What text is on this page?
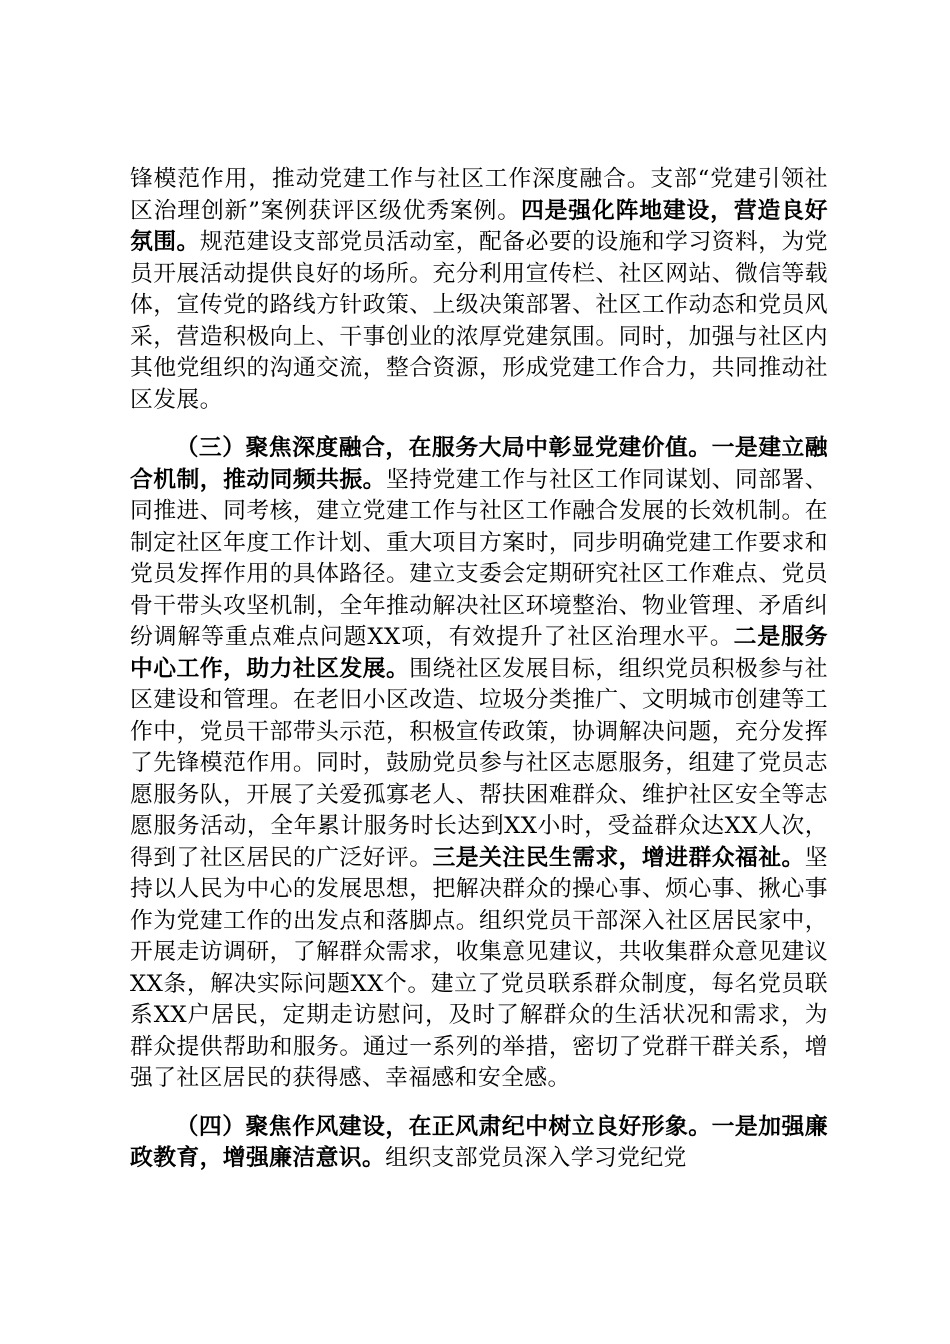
锋模范作用，推动党建工作与社区工作深度融合。支部“党建引领社区治理创新”案例获评区级优秀案例。四是强化阵地建设，营造良好氛围。规范建设支部党员活动室，配备必要的设施和学习资料，为党员开展活动提供良好的场所。充分利用宣传栏、社区网站、微信等载体，宣传党的路线方针政策、上级决策部署、社区工作动态和党员风采，营造积极向上、干事创业的浓厚党建氛围。同时，加强与社区内其他党组织的沟通交流，整合资源，形成党建工作合力，共同推动社区发展。

（三）聚焦深度融合，在服务大局中彰显党建价值。一是建立融合机制，推动同频共振。坚持党建工作与社区工作同谋划、同部署、同推进、同考核，建立党建工作与社区工作融合发展的长效机制。在制定社区年度工作计划、重大项目方案时，同步明确党建工作要求和党员发挥作用的具体路径。建立支委会定期研究社区工作难点、党员骨干带头攻坚机制，全年推动解决社区环境整治、物业管理、矛盾纠纷调解等重点难点问题XX项，有效提升了社区治理水平。二是服务中心工作，助力社区发展。围绕社区发展目标，组织党员积极参与社区建设和管理。在老旧小区改造、垃圾分类推广、文明城市创建等工作中，党员干部带头示范，积极宣传政策，协调解决问题，充分发挥了先锋模范作用。同时，鼓励党员参与社区志愿服务，组建了党员志愿服务队，开展了关爱孤寡老人、帮扶困难群众、维护社区安全等志愿服务活动，全年累计服务时长达到XX小时，受益群众达XX人次，得到了社区居民的广泛好评。三是关注民生需求，增进群众福祉。坚持以人民为中心的发展思想，把解决群众的操心事、烦心事、揪心事作为党建工作的出发点和落脚点。组织党员干部深入社区居民家中，开展走访调研，了解群众需求，收集意见建议，共收集群众意见建议XX条，解决实际问题XX个。建立了党员联系群众制度，每名党员联系XX户居民，定期走访慰问，及时了解群众的生活状况和需求，为群众提供帮助和服务。通过一系列的举措，密切了党群干群关系，增强了社区居民的获得感、幸福感和安全感。

（四）聚焦作风建设，在正风肃纪中树立良好形象。一是加强廉政教育，增强廉洁意识。组织支部党员深入学习党纪党
